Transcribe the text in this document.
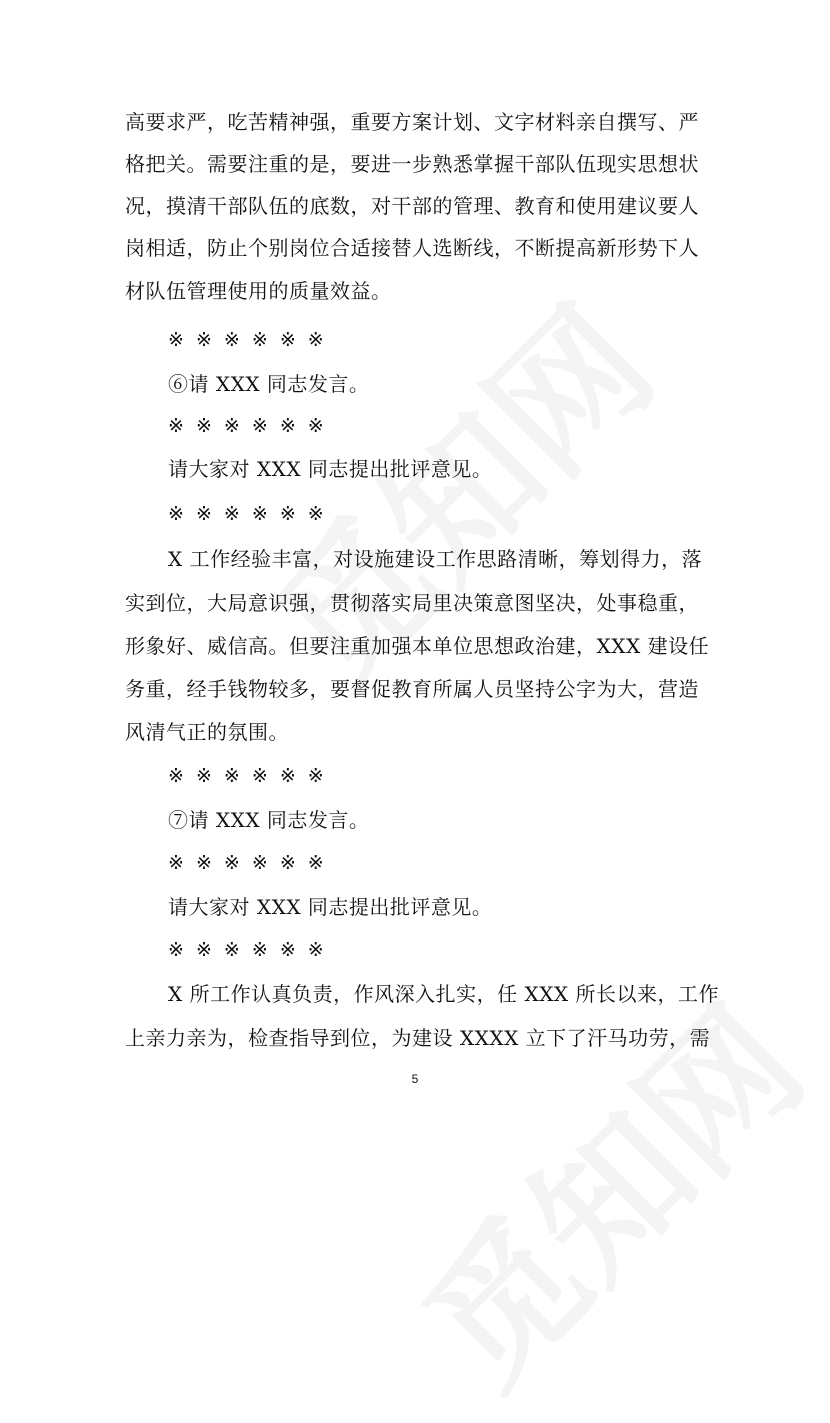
高要求严，吃苦精神强，重要方案计划、文字材料亲自撰写、严
格把关。需要注重的是，要进一步熟悉掌握干部队伍现实思想状
况，摸清干部队伍的底数，对干部的管理、教育和使用建议要人
岗相适，防止个别岗位合适接替人选断线，不断提高新形势下人
材队伍管理使用的质量效益。
※ ※ ※ ※ ※ ※
⑥请 XXX 同志发言。
※ ※ ※ ※ ※ ※
请大家对 XXX 同志提出批评意见。
※ ※ ※ ※ ※ ※
X 工作经验丰富，对设施建设工作思路清晰，筹划得力，落
实到位，大局意识强，贯彻落实局里决策意图坚决，处事稳重，
形象好、威信高。但要注重加强本单位思想政治建，XXX 建设任
务重，经手钱物较多，要督促教育所属人员坚持公字为大，营造
风清气正的氛围。
※ ※ ※ ※ ※ ※
⑦请 XXX 同志发言。
※ ※ ※ ※ ※ ※
请大家对 XXX 同志提出批评意见。
※ ※ ※ ※ ※ ※
X 所工作认真负责，作风深入扎实，任 XXX 所长以来，工作
上亲力亲为，检查指导到位，为建设 XXXX 立下了汗马功劳，需
5
